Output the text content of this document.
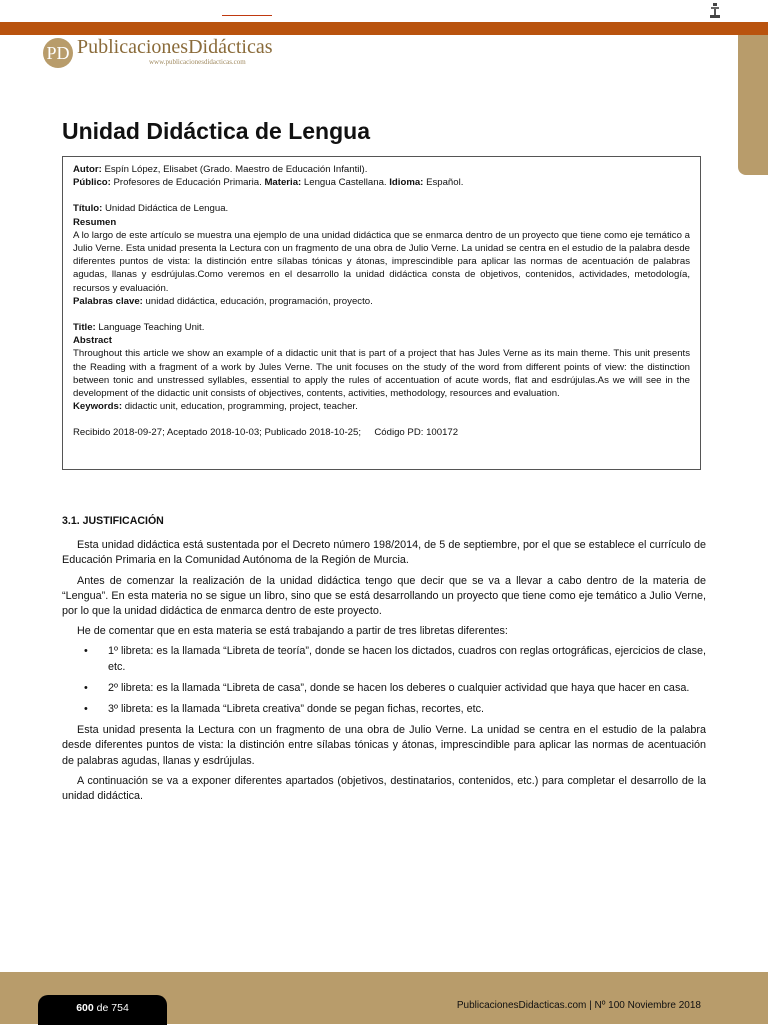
PD PublicacionesDidácticas
www.publicacionesdidacticas.com
Unidad Didáctica de Lengua

Autor: Espín López, Elisabet (Grado. Maestro de Educación Infantil).

Público: Profesores de Educación Primaria. Materia: Lengua Castellana. Idioma: Español.

Título: Unidad Didáctica de Lengua.

Resumen

A lo largo de este artículo se muestra una ejemplo de una unidad didáctica que se enmarca dentro de un proyecto que tiene como eje temático a Julio Verne. Esta unidad presenta la Lectura con un fragmento de una obra de Julio Verne. La unidad se centra en el estudio de la palabra desde diferentes puntos de vista: la distinción entre sílabas tónicas y átonas, imprescindible para aplicar las normas de acentuación de palabras agudas, llanas y esdrújulas.Como veremos en el desarrollo la unidad didáctica consta de objetivos, contenidos, actividades, metodología, recursos y evaluación.

Palabras clave: unidad didáctica, educación, programación, proyecto.

Title: Language Teaching Unit.

Abstract

Throughout this article we show an example of a didactic unit that is part of a project that has Jules Verne as its main theme. This unit presents the Reading with a fragment of a work by Jules Verne. The unit focuses on the study of the word from different points of view: the distinction between tonic and unstressed syllables, essential to apply the rules of accentuation of acute words, flat and esdrújulas.As we will see in the development of the didactic unit consists of objectives, contents, activities, methodology, resources and evaluation.

Keywords: didactic unit, education, programming, project, teacher.

Recibido 2018-09-27; Aceptado 2018-10-03; Publicado 2018-10-25; Código PD: 100172

3.1. JUSTIFICACIÓN

Esta unidad didáctica está sustentada por el Decreto número 198/2014, de 5 de septiembre, por el que se establece el currículo de Educación Primaria en la Comunidad Autónoma de la Región de Murcia.

Antes de comenzar la realización de la unidad didáctica tengo que decir que se va a llevar a cabo dentro de la materia de “Lengua”. En esta materia no se sigue un libro, sino que se está desarrollando un proyecto que tiene como eje temático a Julio Verne, por lo que la unidad didáctica de enmarca dentro de este proyecto.

He de comentar que en esta materia se está trabajando a partir de tres libretas diferentes:

• 1º libreta: es la llamada “Libreta de teoría”, donde se hacen los dictados, cuadros con reglas ortográficas, ejercicios de clase, etc.
• 2º libreta: es la llamada “Libreta de casa”, donde se hacen los deberes o cualquier actividad que haya que hacer en casa.
• 3º libreta: es la llamada “Libreta creativa” donde se pegan fichas, recortes, etc.

Esta unidad presenta la Lectura con un fragmento de una obra de Julio Verne. La unidad se centra en el estudio de la palabra desde diferentes puntos de vista: la distinción entre sílabas tónicas y átonas, imprescindible para aplicar las normas de acentuación de palabras agudas, llanas y esdrújulas.

A continuación se va a exponer diferentes apartados (objetivos, destinatarios, contenidos, etc.) para completar el desarrollo de la unidad didáctica.

600 de 754	PublicacionesDidacticas.com | Nº 100 Noviembre 2018
